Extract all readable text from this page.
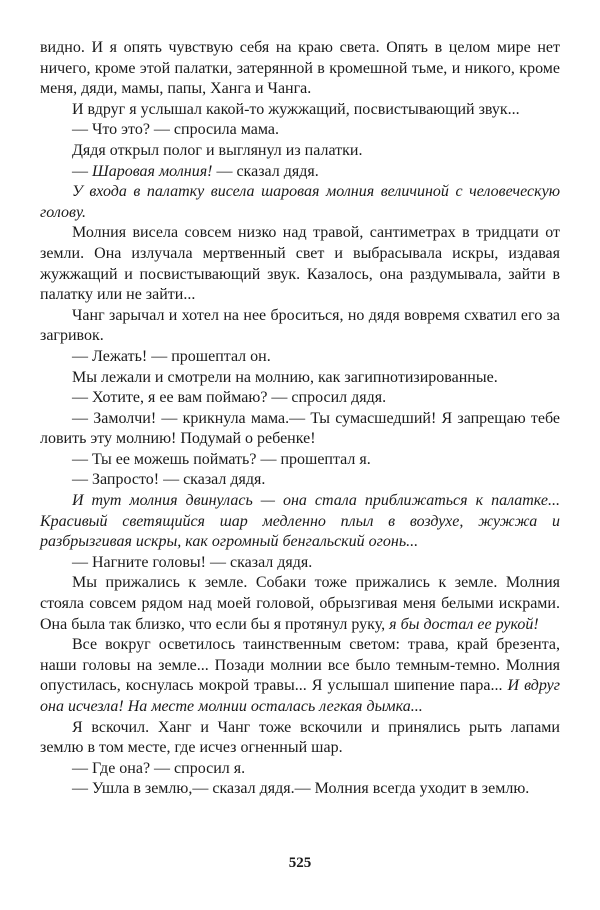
видно. И я опять чувствую себя на краю света. Опять в целом мире нет ничего, кроме этой палатки, затерянной в кромешной тьме, и никого, кроме меня, дяди, мамы, папы, Ханга и Чанга.

И вдруг я услышал какой-то жужжащий, посвистывающий звук...

— Что это? — спросила мама.

Дядя открыл полог и выглянул из палатки.

— Шаровая молния! — сказал дядя.

У входа в палатку висела шаровая молния величиной с человеческую голову.

Молния висела совсем низко над травой, сантиметрах в тридцати от земли. Она излучала мертвенный свет и выбрасывала искры, издавая жужжащий и посвистывающий звук. Казалось, она раздумывала, зайти в палатку или не зайти...

Чанг зарычал и хотел на нее броситься, но дядя вовремя схватил его за загривок.

— Лежать! — прошептал он.

Мы лежали и смотрели на молнию, как загипнотизированные.

— Хотите, я ее вам поймаю? — спросил дядя.

— Замолчи! — крикнула мама.— Ты сумасшедший! Я запрещаю тебе ловить эту молнию! Подумай о ребенке!

— Ты ее можешь поймать? — прошептал я.

— Запросто! — сказал дядя.

И тут молния двинулась — она стала приближаться к палатке... Красивый светящийся шар медленно плыл в воздухе, жужжа и разбрызгивая искры, как огромный бенгальский огонь...

— Нагните головы! — сказал дядя.

Мы прижались к земле. Собаки тоже прижались к земле. Молния стояла совсем рядом над моей головой, обрызгивая меня белыми искрами. Она была так близко, что если бы я протянул руку, я бы достал ее рукой!

Все вокруг осветилось таинственным светом: трава, край брезента, наши головы на земле... Позади молнии все было темным-темно. Молния опустилась, коснулась мокрой травы... Я услышал шипение пара... И вдруг она исчезла! На месте молнии осталась легкая дымка...

Я вскочил. Ханг и Чанг тоже вскочили и принялись рыть лапами землю в том месте, где исчез огненный шар.

— Где она? — спросил я.

— Ушла в землю,— сказал дядя.— Молния всегда уходит в землю.

525
